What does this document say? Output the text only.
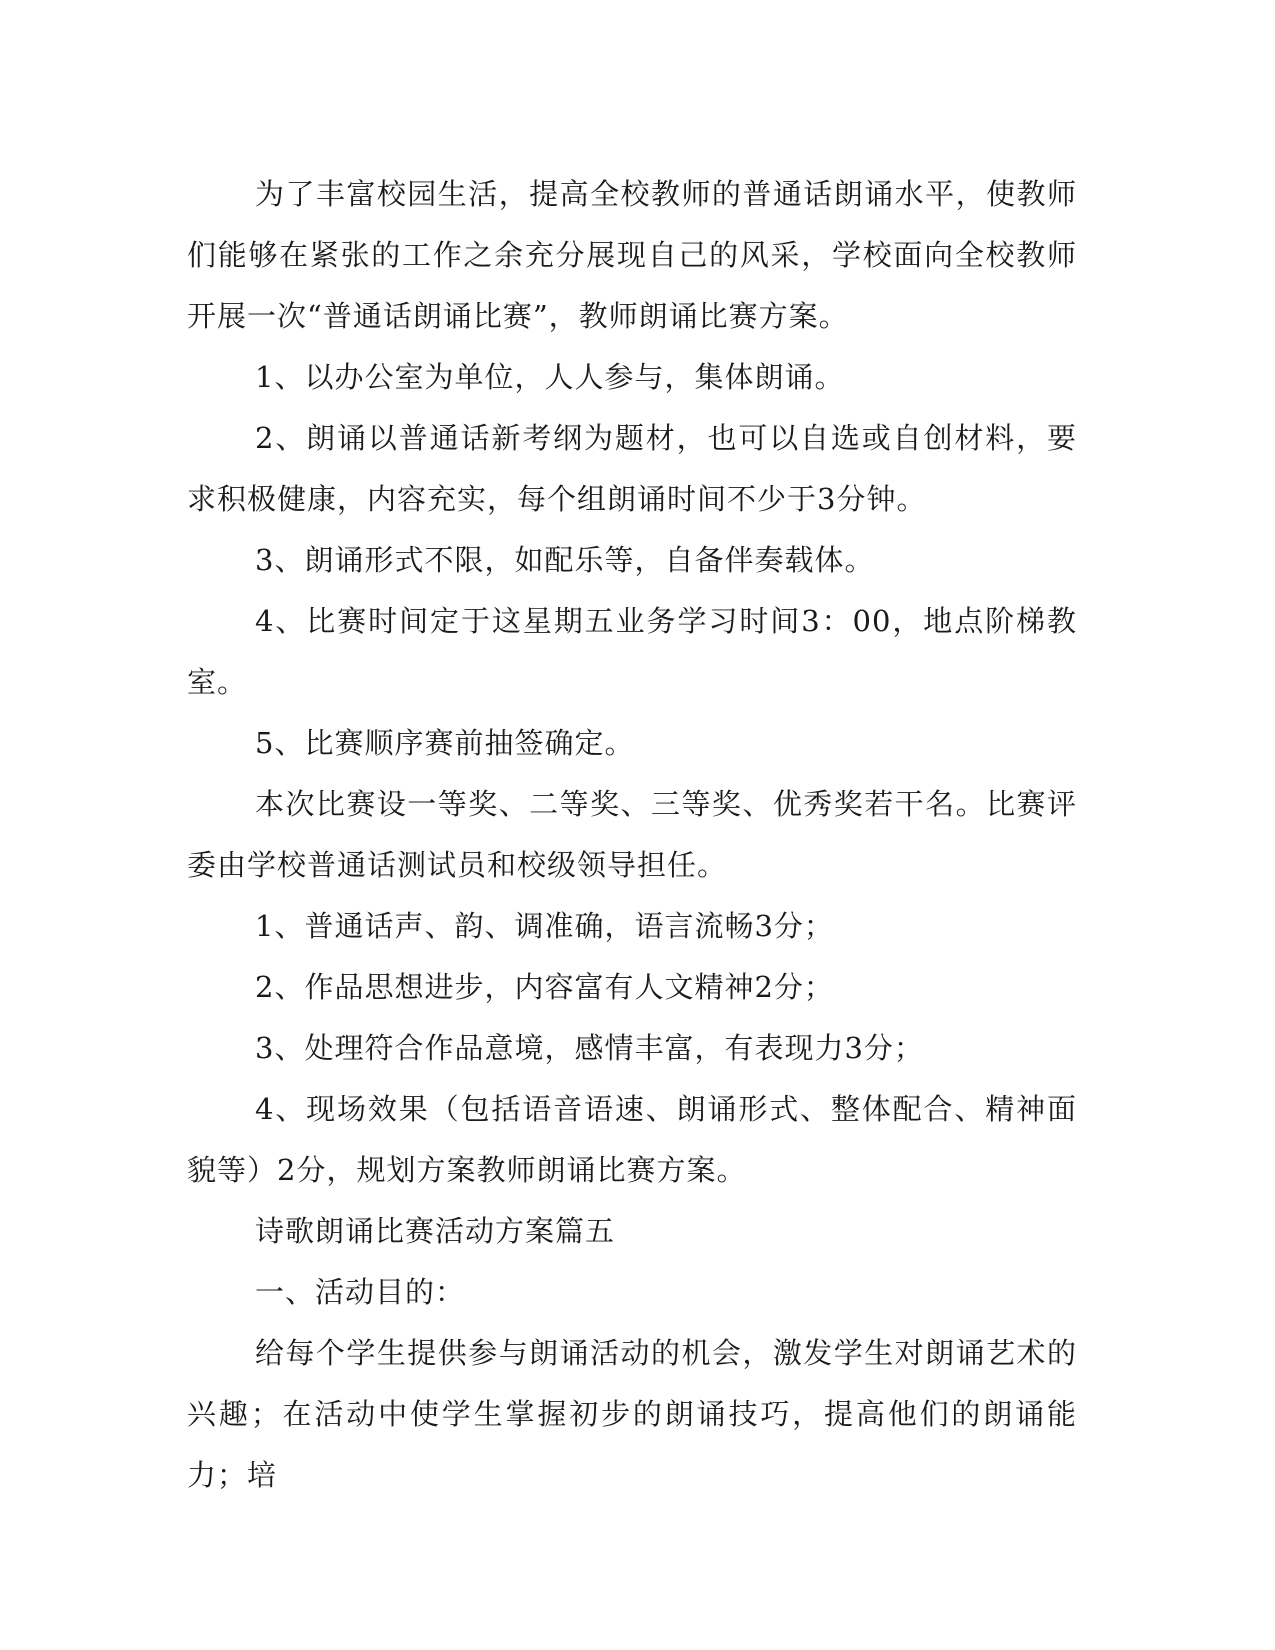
为了丰富校园生活，提高全校教师的普通话朗诵水平，使教师们能够在紧张的工作之余充分展现自己的风采，学校面向全校教师开展一次“普通话朗诵比赛”，教师朗诵比赛方案。

1、以办公室为单位，人人参与，集体朗诵。

2、朗诵以普通话新考纲为题材，也可以自选或自创材料，要求积极健康，内容充实，每个组朗诵时间不少于3分钟。

3、朗诵形式不限，如配乐等，自备伴奏载体。

4、比赛时间定于这星期五业务学习时间3：00，地点阶梯教室。

5、比赛顺序赛前抽签确定。

本次比赛设一等奖、二等奖、三等奖、优秀奖若干名。比赛评委由学校普通话测试员和校级领导担任。

1、普通话声、韵、调准确，语言流畅3分；

2、作品思想进步，内容富有人文精神2分；

3、处理符合作品意境，感情丰富，有表现力3分；

4、现场效果（包括语音语速、朗诵形式、整体配合、精神面貌等）2分，规划方案教师朗诵比赛方案。

诗歌朗诵比赛活动方案篇五

一、活动目的：

给每个学生提供参与朗诵活动的机会，激发学生对朗诵艺术的兴趣；在活动中使学生掌握初步的朗诵技巧，提高他们的朗诵能力；培
